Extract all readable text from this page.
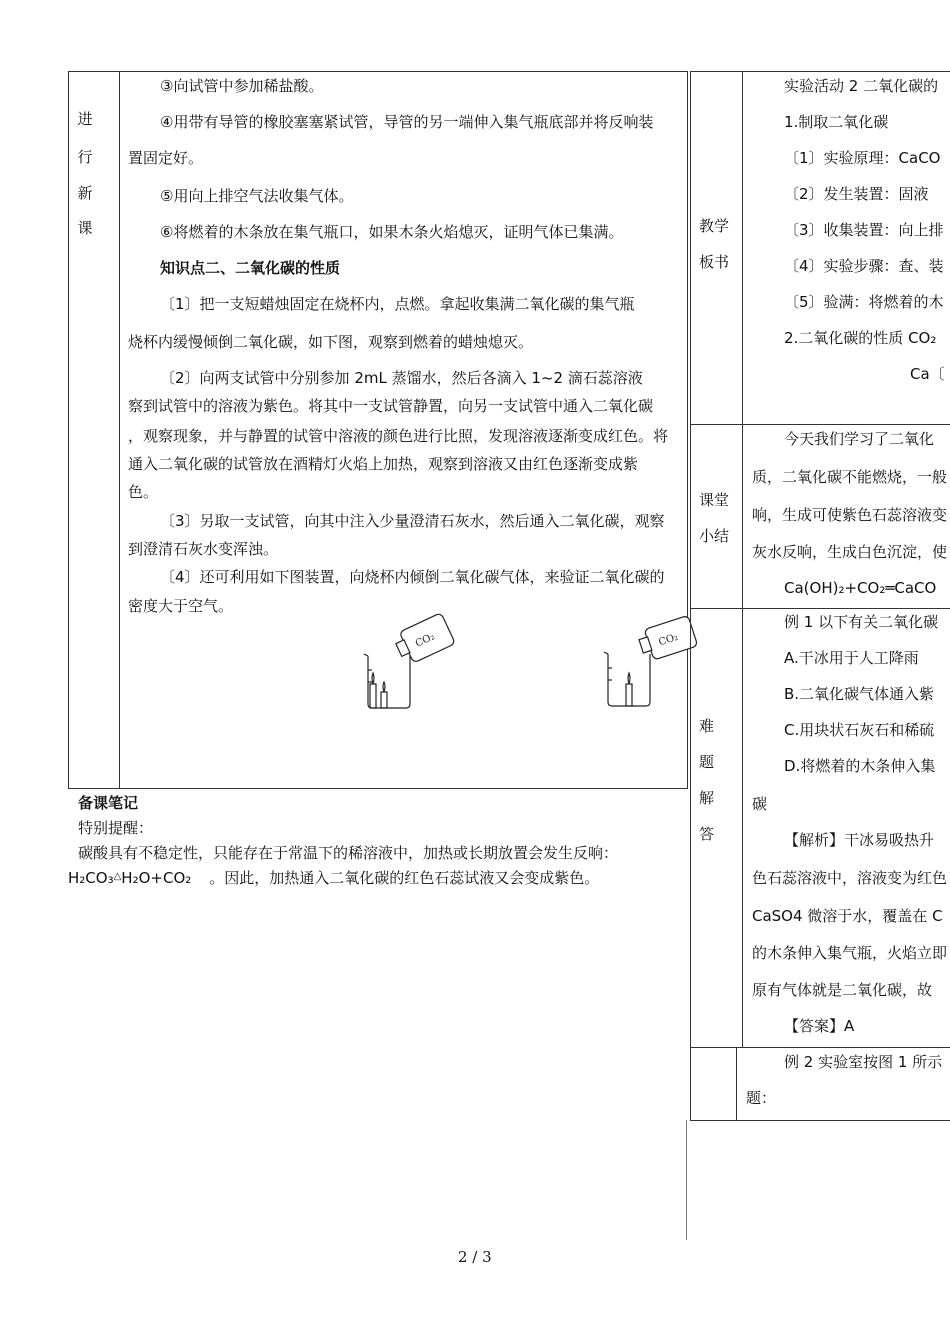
进
行
新
课
③向试管中参加稀盐酸。
④用带有导管的橡胶塞塞紧试管，导管的另一端伸入集气瓶底部并将反响装
置固定好。
⑤用向上排空气法收集气体。
⑥将燃着的木条放在集气瓶口，如果木条火焰熄灭，证明气体已集满。
知识点二、二氧化碳的性质
〔1〕把一支短蜡烛固定在烧杯内，点燃。拿起收集满二氧化碳的集气瓶
烧杯内缓慢倾倒二氧化碳，如下图，观察到燃着的蜡烛熄灭。
〔2〕向两支试管中分别参加 2mL 蒸馏水，然后各滴入 1~2 滴石蕊溶液
察到试管中的溶液为紫色。将其中一支试管静置，向另一支试管中通入二氧化碳
，观察现象，并与静置的试管中溶液的颜色进行比照，发现溶液逐渐变成红色。将
通入二氧化碳的试管放在酒精灯火焰上加热，观察到溶液又由红色逐渐变成紫
色。
〔3〕另取一支试管，向其中注入少量澄清石灰水，然后通入二氧化碳，观察
到澄清石灰水变浑浊。
〔4〕还可利用如下图装置，向烧杯内倾倒二氧化碳气体，来验证二氧化碳的
密度大于空气。
CO₂	CO₂
备课笔记
特别提醒：
碳酸具有不稳定性，只能存在于常温下的稀溶液中，加热或长期放置会发生反响：
H₂CO₃△H₂O+CO₂ 。因此，加热通入二氧化碳的红色石蕊试液又会变成紫色。
教学
板书
实验活动 2 二氧化碳的
1.制取二氧化碳
〔1〕实验原理：CaCO
〔2〕发生装置：固液
〔3〕收集装置：向上排
〔4〕实验步骤：查、装
〔5〕验满：将燃着的木
2.二氧化碳的性质 CO₂
Ca〔
课堂
小结
今天我们学习了二氧化
质，二氧化碳不能燃烧，一般
响，生成可使紫色石蕊溶液变
灰水反响，生成白色沉淀，使
Ca(OH)₂+CO₂═CaCO
难
题
解
答
例 1 以下有关二氧化碳
A.干冰用于人工降雨
B.二氧化碳气体通入紫
C.用块状石灰石和稀硫
D.将燃着的木条伸入集
碳
【解析】干冰易吸热升
色石蕊溶液中，溶液变为红色
CaSO4 微溶于水，覆盖在 C
的木条伸入集气瓶，火焰立即
原有气体就是二氧化碳，故
【答案】A
例 2 实验室按图 1 所示
题：
2 / 3
